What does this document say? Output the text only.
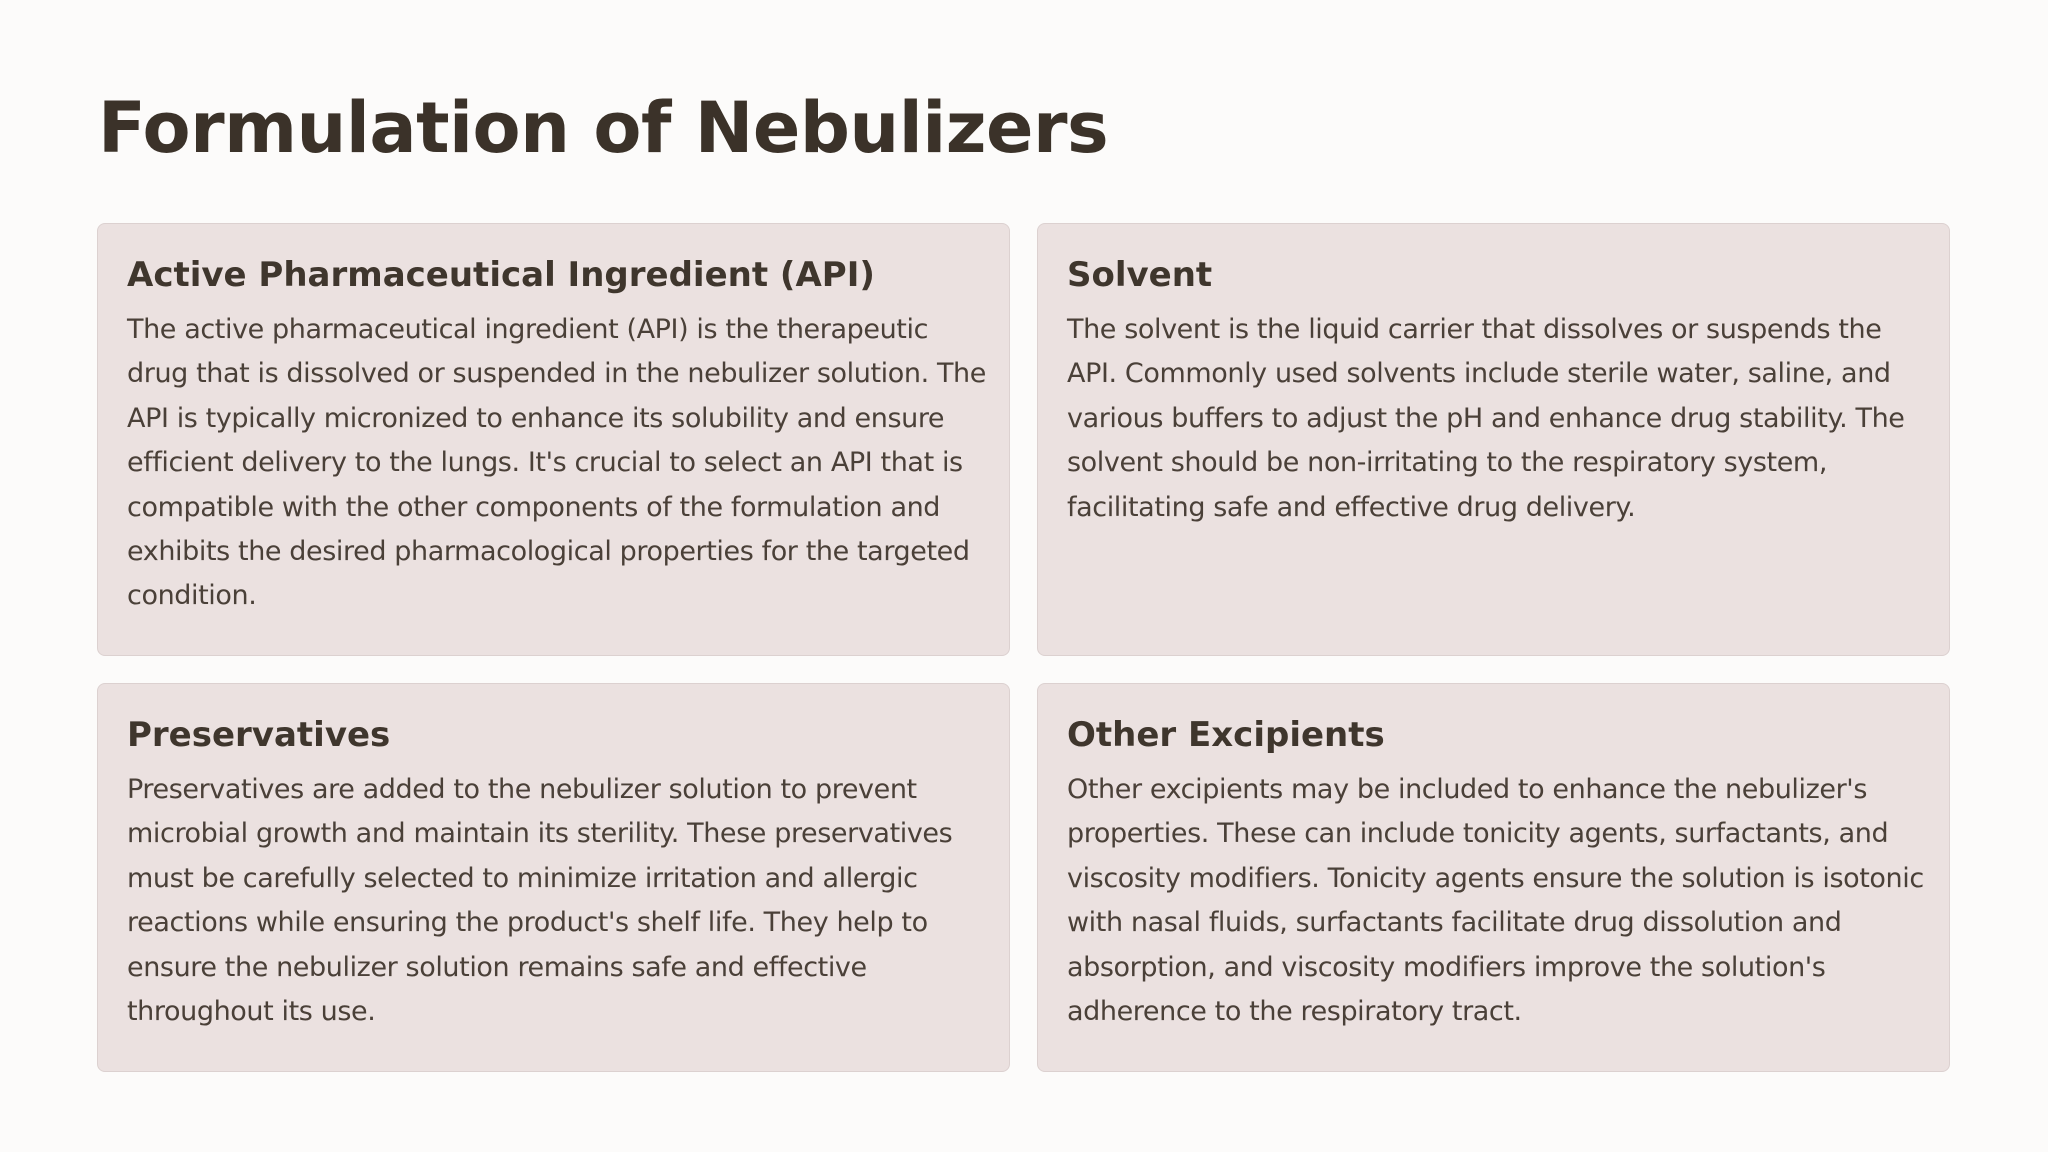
Formulation of Nebulizers
Active Pharmaceutical Ingredient (API)

The active pharmaceutical ingredient (API) is the therapeutic drug that is dissolved or suspended in the nebulizer solution. The API is typically micronized to enhance its solubility and ensure efficient delivery to the lungs. It's crucial to select an API that is compatible with the other components of the formulation and exhibits the desired pharmacological properties for the targeted condition.

Solvent

The solvent is the liquid carrier that dissolves or suspends the API. Commonly used solvents include sterile water, saline, and various buffers to adjust the pH and enhance drug stability. The solvent should be non-irritating to the respiratory system, facilitating safe and effective drug delivery.

Preservatives

Preservatives are added to the nebulizer solution to prevent microbial growth and maintain its sterility. These preservatives must be carefully selected to minimize irritation and allergic reactions while ensuring the product's shelf life. They help to ensure the nebulizer solution remains safe and effective throughout its use.

Other Excipients

Other excipients may be included to enhance the nebulizer's properties. These can include tonicity agents, surfactants, and viscosity modifiers. Tonicity agents ensure the solution is isotonic with nasal fluids, surfactants facilitate drug dissolution and absorption, and viscosity modifiers improve the solution's adherence to the respiratory tract.
